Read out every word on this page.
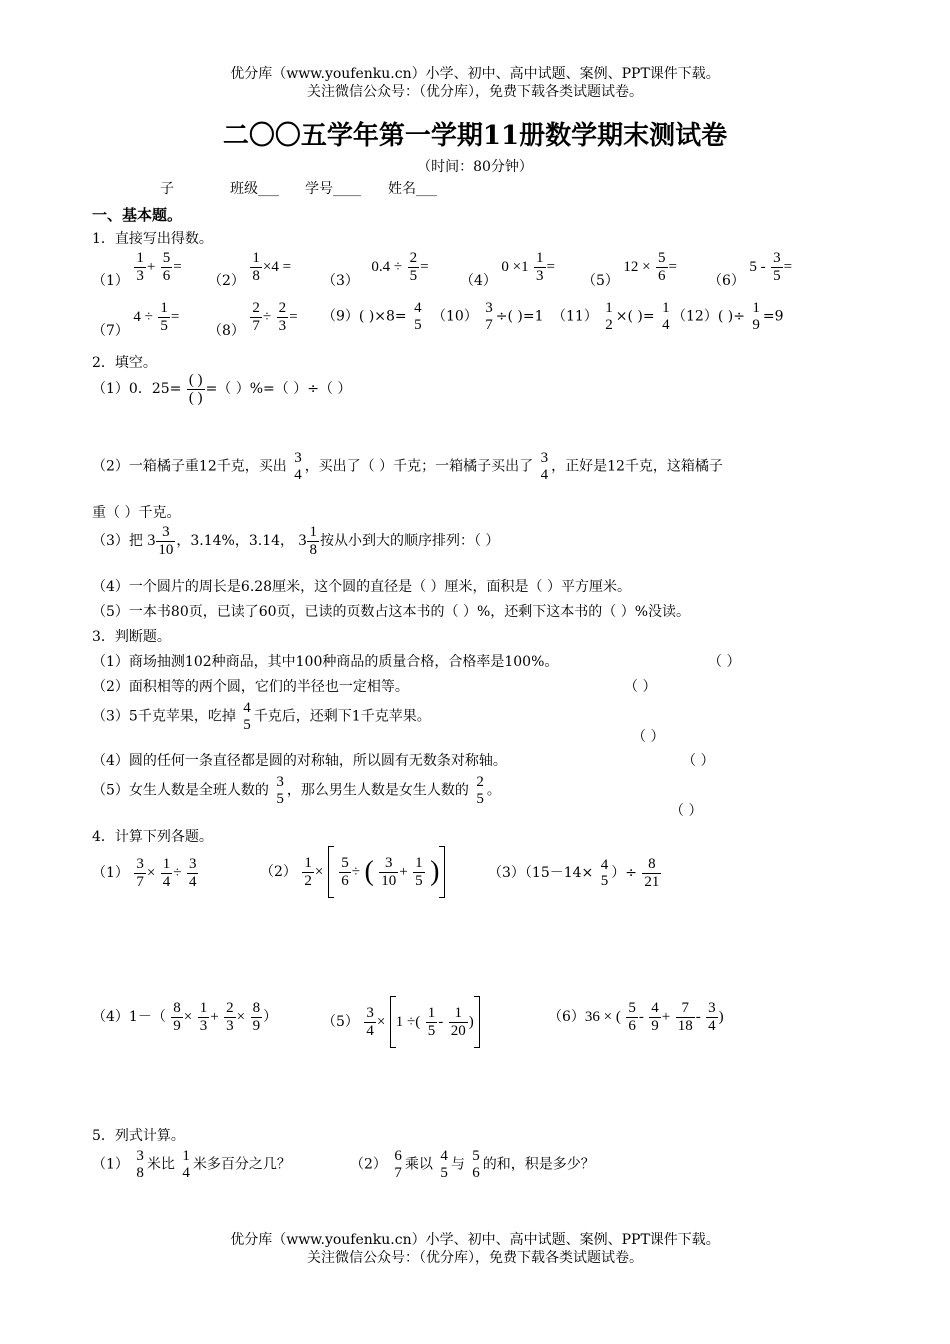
优分库（www.youfenku.cn）小学、初中、高中试题、案例、PPT课件下载。
关注微信公众号：（优分库），免费下载各类试题试卷。
二〇〇五学年第一学期11册数学期末测试卷
（时间：80分钟）
子	班级___ 学号____ 姓名___
一、基本题。
1．直接写出得数。
$(1) \frac{1}{3} + \frac{5}{6}$ =
$(2) \frac{1}{8} \times 4$ =
（3） $0.4 \div \frac{2}{5}$ =
（4） $0 \times 1 \frac{1}{3}$ =
（5） $12 \times \frac{5}{6}$ =
（6） $5 - \frac{3}{5}$ =
（7） $4 \div \frac{1}{5}$ =
$(8) \frac{2}{7} \div \frac{2}{3} = (9)$( )×8=
4
5 （10）
3
7 ÷( )=1 （11）
1
2 ×( )=
1
4 （12）( )÷
1
9 =9
2．填空。
（1）0．25=
( )
( )
=（ ）%=（ ）÷（ ）
（2）一箱橘子重12千克，买出
3
4 ，买出了（ ）千克；一箱橘子买出了
3
4 ，正好是12千克，这箱橘子
重（ ）千克。
（3）把 $3 \frac{3}{10}$ ，3.14%，3.14， $3 \frac{1}{8}$ 按从小到大的顺序排列：（ ）
（4）一个圆片的周长是6.28厘米，这个圆的直径是（ ）厘米，面积是（ ）平方厘米。
（5）一本书80页，已读了60页，已读的页数占这本书的（ ）%，还剩下这本书的（ ）%没读。
3．判断题。
（1）商场抽测102种商品，其中100种商品的质量合格，合格率是100%。	（ ）
（2）面积相等的两个圆，它们的半径也一定相等。	（ ）
（3）5千克苹果，吃掉
4
5 千克后，还剩下1千克苹果。
（ ）
（4）圆的任何一条直径都是圆的对称轴，所以圆有无数条对称轴。	（ ）
（5）女生人数是全班人数的
3
5 ，那么男生人数是女生人数的
2
5 。
（ ）
4．计算下列各题。
$(1) \frac{3}{7} \times \frac{1}{4} \div \frac{3}{4}$	$(2) \frac{1}{2} \times \frac{5}{6}$ ÷ ( $\frac{3}{10} + \frac{1}{5}$ )	（3）（15－14×
4
5 ）÷ $\frac{8}{21}$
$(4)1-( \frac{8}{9} \times \frac{1}{3} + \frac{2}{3} \times \frac{8}{9}$ ）	$(5) \frac{3}{4} \times 1$ ÷( $\frac{1}{5} - \frac{1}{20}$ )	（6）36 × ( $\frac{5}{6} - \frac{4}{9} + \frac{7}{18} - \frac{3}{4}$ )
5．列式计算。
（1）
3
8 米比
1
4 米多百分之几？	（2）
6
7 乘以
4
5 与
5
6 的和，积是多少？
优分库（www.youfenku.cn）小学、初中、高中试题、案例、PPT课件下载。
关注微信公众号：（优分库），免费下载各类试题试卷。
